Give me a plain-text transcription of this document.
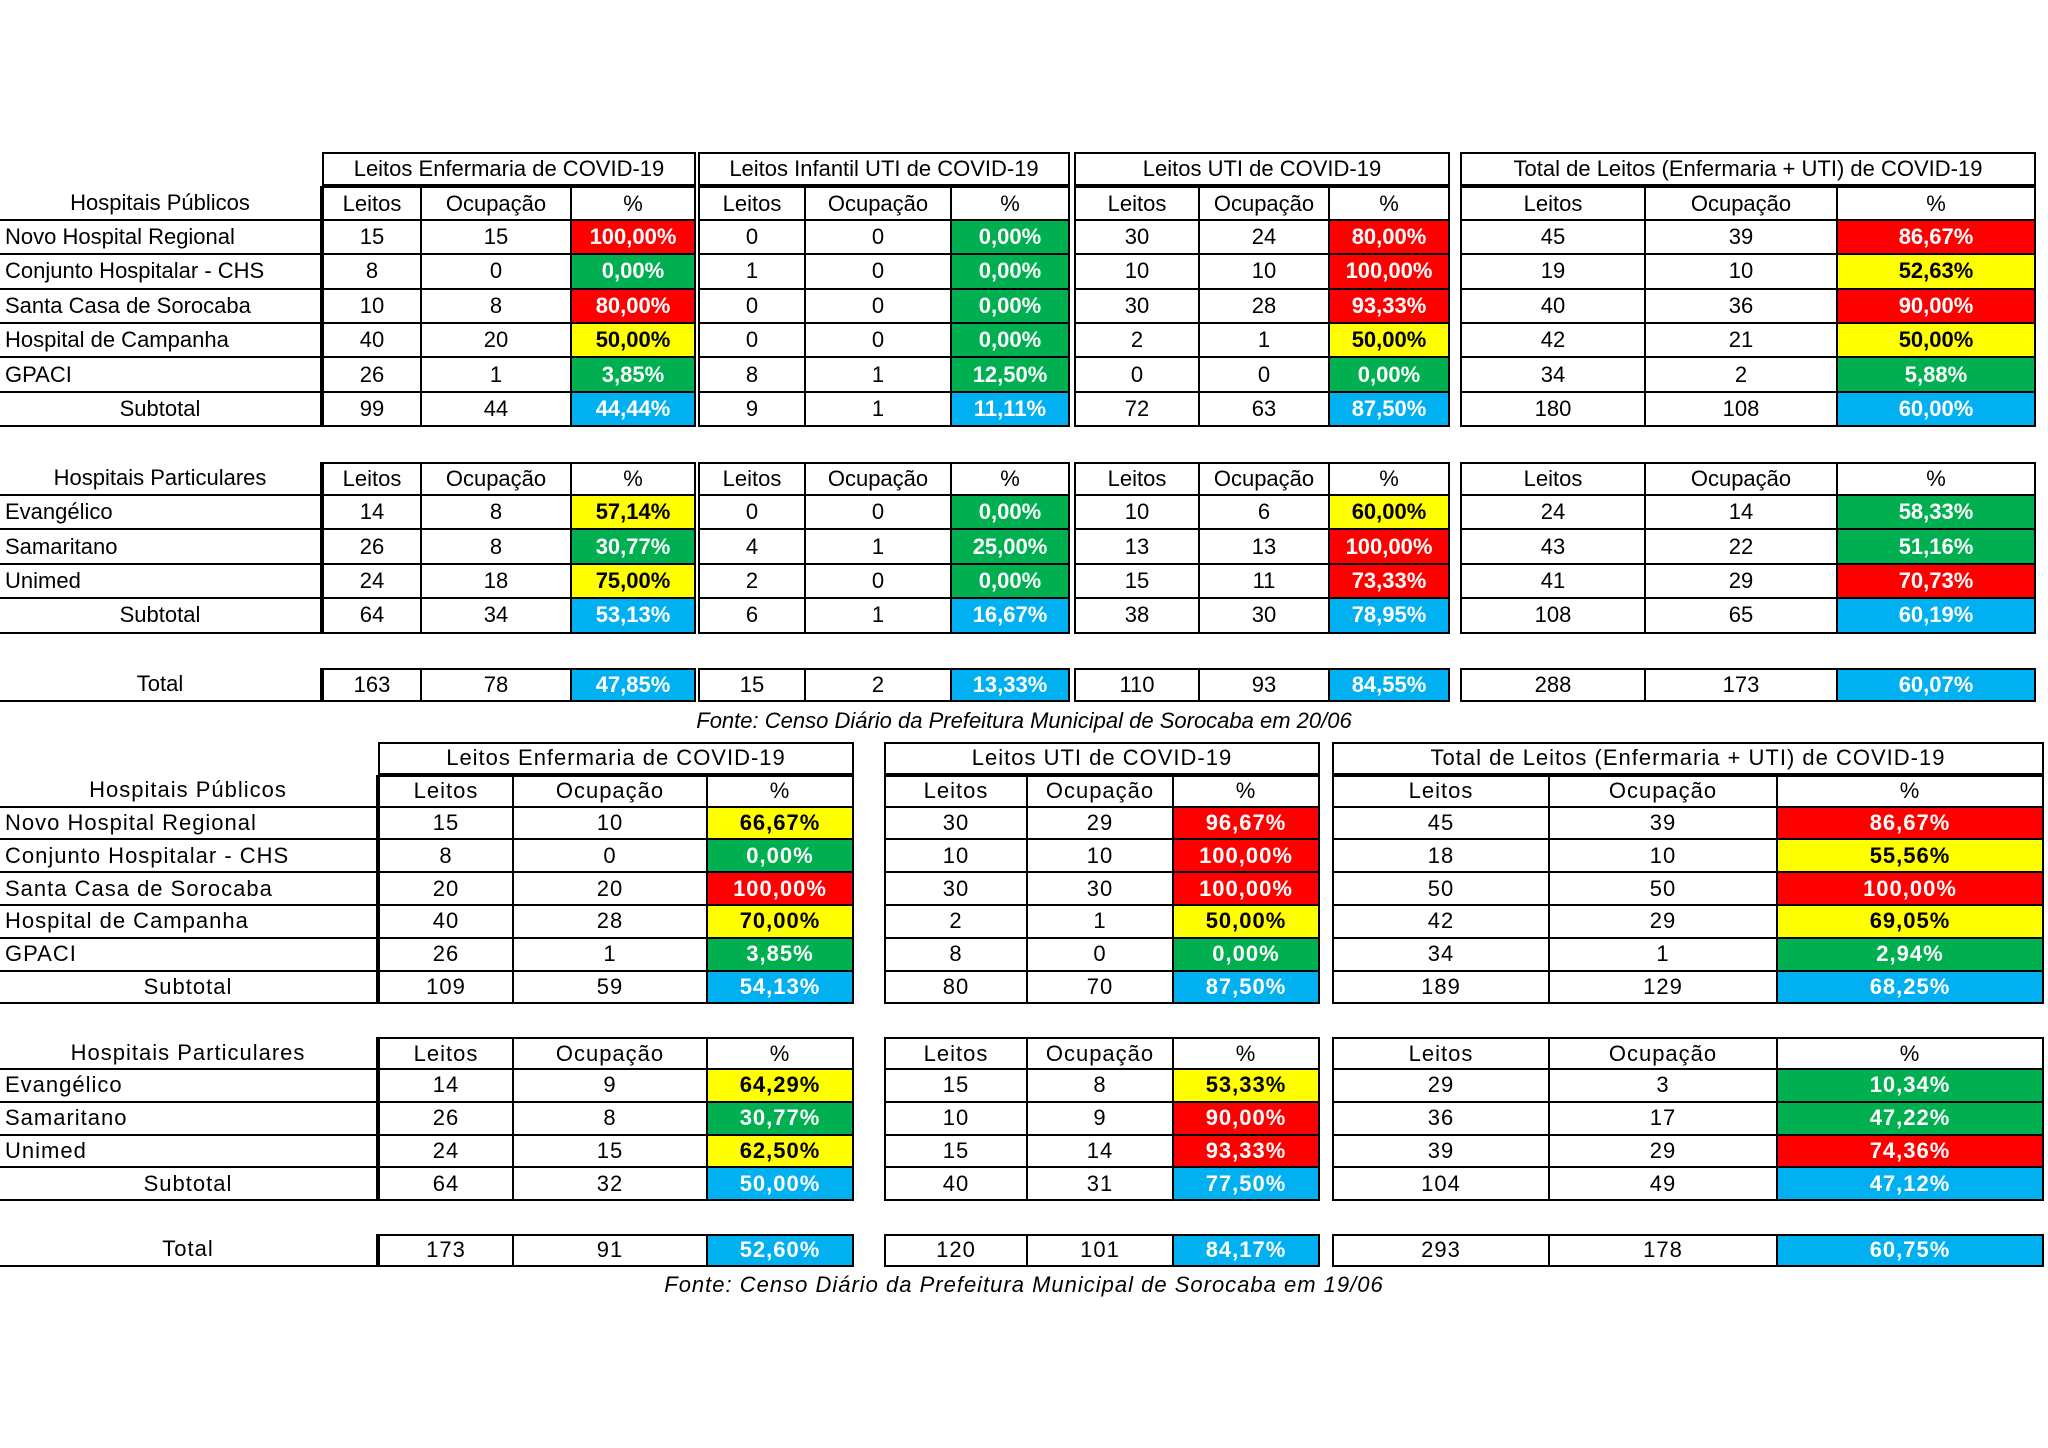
Leitos Enfermaria de COVID-19	Leitos Infantil UTI de COVID-19	Leitos UTI de COVID-19	Total de Leitos (Enfermaria + UTI) de COVID-19
Hospitais Públicos	Leitos	Ocupação	%	Leitos	Ocupação	%	Leitos	Ocupação	%	Leitos	Ocupação	%
Novo Hospital Regional	15	15	100,00%	0	0	0,00%	30	24	80,00%	45	39	86,67%
Conjunto Hospitalar - CHS	8	0	0,00%	1	0	0,00%	10	10	100,00%	19	10	52,63%
Santa Casa de Sorocaba	10	8	80,00%	0	0	0,00%	30	28	93,33%	40	36	90,00%
Hospital de Campanha	40	20	50,00%	0	0	0,00%	2	1	50,00%	42	21	50,00%
GPACI	26	1	3,85%	8	1	12,50%	0	0	0,00%	34	2	5,88%
Subtotal	99	44	44,44%	9	1	11,11%	72	63	87,50%	180	108	60,00%
Hospitais Particulares	Leitos	Ocupação	%	Leitos	Ocupação	%	Leitos	Ocupação	%	Leitos	Ocupação	%
Evangélico	14	8	57,14%	0	0	0,00%	10	6	60,00%	24	14	58,33%
Samaritano	26	8	30,77%	4	1	25,00%	13	13	100,00%	43	22	51,16%
Unimed	24	18	75,00%	2	0	0,00%	15	11	73,33%	41	29	70,73%
Subtotal	64	34	53,13%	6	1	16,67%	38	30	78,95%	108	65	60,19%
Total	163	78	47,85%	15	2	13,33%	110	93	84,55%	288	173	60,07%
Fonte: Censo Diário da Prefeitura Municipal de Sorocaba em 20/06
Leitos Enfermaria de COVID-19	Leitos UTI de COVID-19	Total de Leitos (Enfermaria + UTI) de COVID-19
Hospitais Públicos	Leitos	Ocupação	%	Leitos	Ocupação	%	Leitos	Ocupação	%
Novo Hospital Regional	15	10	66,67%	30	29	96,67%	45	39	86,67%
Conjunto Hospitalar - CHS	8	0	0,00%	10	10	100,00%	18	10	55,56%
Santa Casa de Sorocaba	20	20	100,00%	30	30	100,00%	50	50	100,00%
Hospital de Campanha	40	28	70,00%	2	1	50,00%	42	29	69,05%
GPACI	26	1	3,85%	8	0	0,00%	34	1	2,94%
Subtotal	109	59	54,13%	80	70	87,50%	189	129	68,25%
Hospitais Particulares	Leitos	Ocupação	%	Leitos	Ocupação	%	Leitos	Ocupação	%
Evangélico	14	9	64,29%	15	8	53,33%	29	3	10,34%
Samaritano	26	8	30,77%	10	9	90,00%	36	17	47,22%
Unimed	24	15	62,50%	15	14	93,33%	39	29	74,36%
Subtotal	64	32	50,00%	40	31	77,50%	104	49	47,12%
Total	173	91	52,60%	120	101	84,17%	293	178	60,75%
Fonte: Censo Diário da Prefeitura Municipal de Sorocaba em 19/06
